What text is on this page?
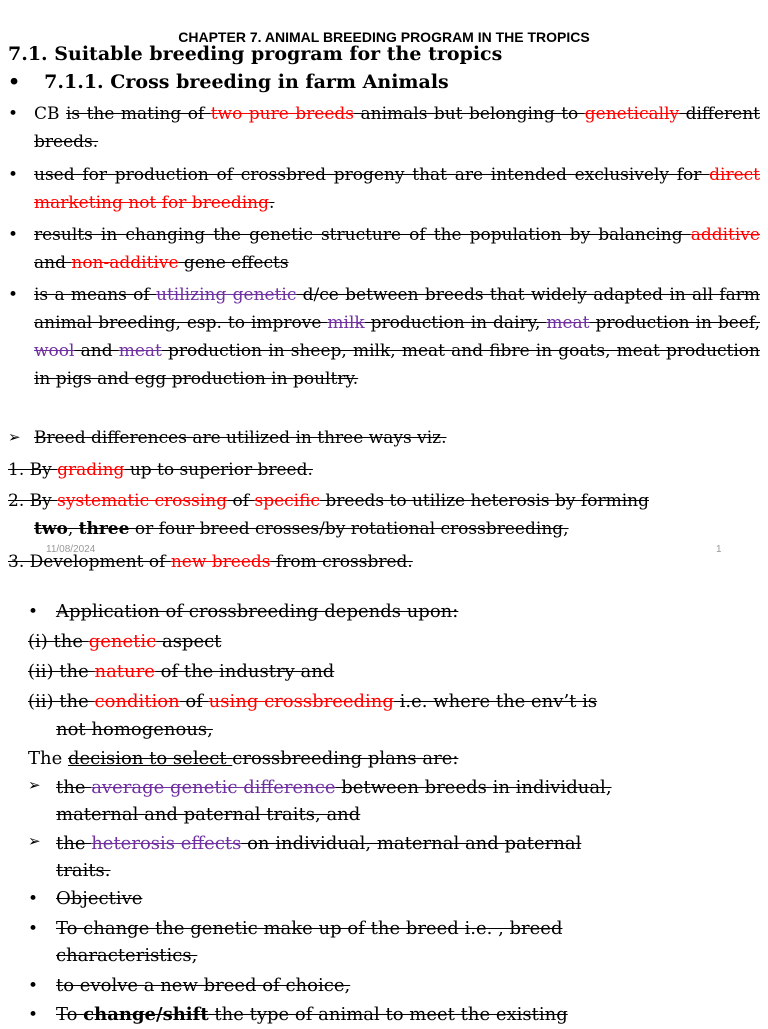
CHAPTER 7. ANIMAL BREEDING PROGRAM IN THE TROPICS
7.1. Suitable breeding program for the tropics
• 7.1.1. Cross breeding in farm Animals
• CB is the mating of two pure breeds animals but belonging to genetically different breeds.
• used for production of crossbred progeny that are intended exclusively for direct marketing not for breeding.
• results in changing the genetic structure of the population by balancing additive and non-additive gene effects
• is a means of utilizing genetic d/ce between breeds that widely adapted in all farm animal breeding, esp. to improve milk production in dairy, meat production in beef, wool and meat production in sheep, milk, meat and fibre in goats, meat production in pigs and egg production in poultry.
➢ Breed differences are utilized in three ways viz.
1. By grading up to superior breed.
2. By systematic crossing of specific breeds to utilize heterosis by forming
two, three or four breed crosses/by rotational crossbreeding,
11/08/2024	1
3. Development of new breeds from crossbred.
• Application of crossbreeding depends upon:
(i) the genetic aspect
(ii) the nature of the industry and
(ii) the condition of using crossbreeding i.e. where the env’t is
not homogenous,
The decision to select crossbreeding plans are:
➢ the average genetic difference between breeds in individual,
maternal and paternal traits, and
➢ the heterosis effects on individual, maternal and paternal
traits.
• Objective
• To change the genetic make up of the breed i.e. , breed
characteristics,
• to evolve a new breed of choice,
• To change/shift the type of animal to meet the existing
